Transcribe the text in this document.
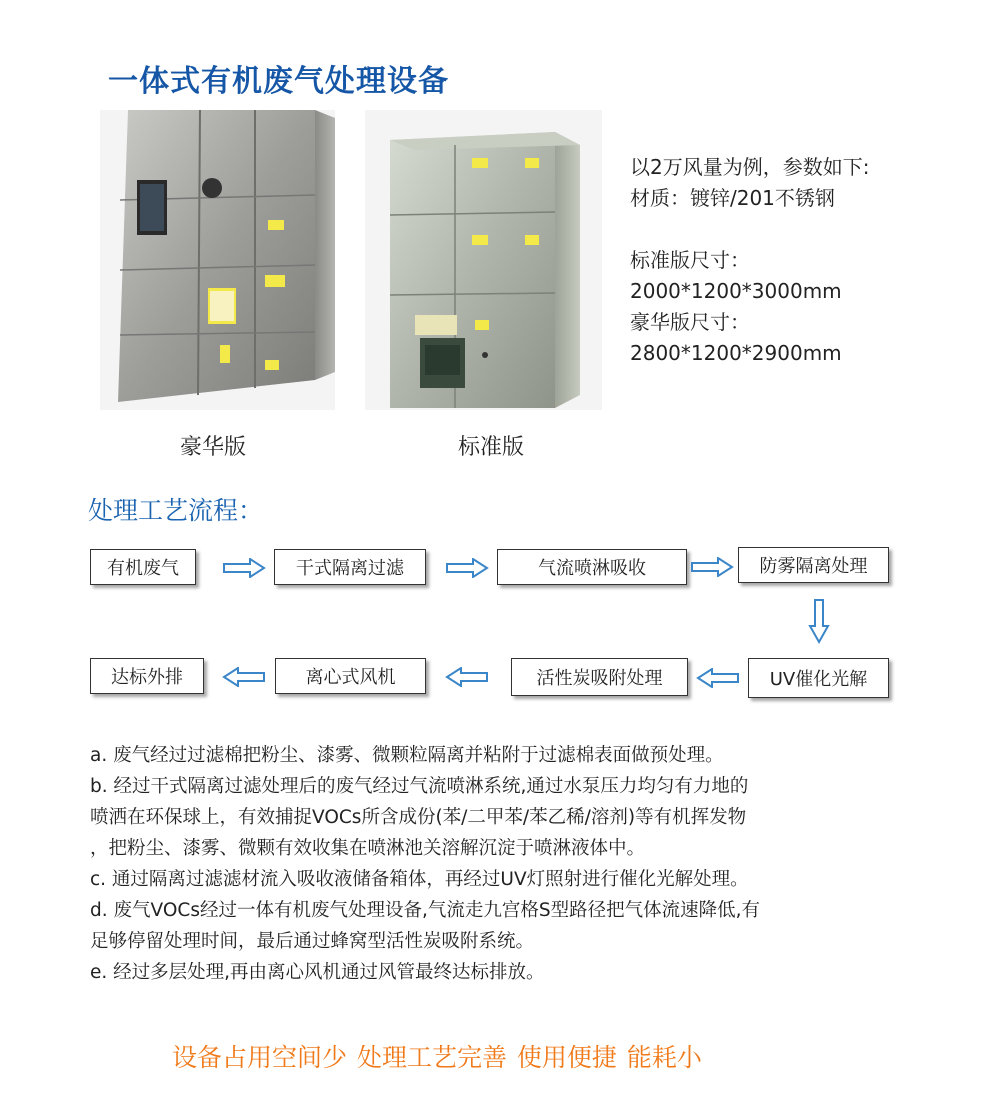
一体式有机废气处理设备
豪华版	标准版
以2万风量为例，参数如下:
材质：镀锌/201不锈钢
标准版尺寸：
2000*1200*3000mm
豪华版尺寸：
2800*1200*2900mm
处理工艺流程：
有机废气	干式隔离过滤	气流喷淋吸收	防雾隔离处理
UV催化光解
活性炭吸附处理
离心式风机
达标外排
a. 废气经过过滤棉把粉尘、漆雾、微颗粒隔离并粘附于过滤棉表面做预处理。
b. 经过干式隔离过滤处理后的废气经过气流喷淋系统,通过水泵压力均匀有力地的
喷洒在环保球上，有效捕捉VOCs所含成份(苯/二甲苯/苯乙稀/溶剂)等有机挥发物
，把粉尘、漆雾、微颗有效收集在喷淋池关溶解沉淀于喷淋液体中。
c. 通过隔离过滤滤材流入吸收液储备箱体，再经过UV灯照射进行催化光解处理。
d. 废气VOCs经过一体有机废气处理设备,气流走九宫格S型路径把气体流速降低,有
足够停留处理时间，最后通过蜂窝型活性炭吸附系统。
e. 经过多层处理,再由离心风机通过风管最终达标排放。
设备占用空间少 处理工艺完善 使用便捷 能耗小
